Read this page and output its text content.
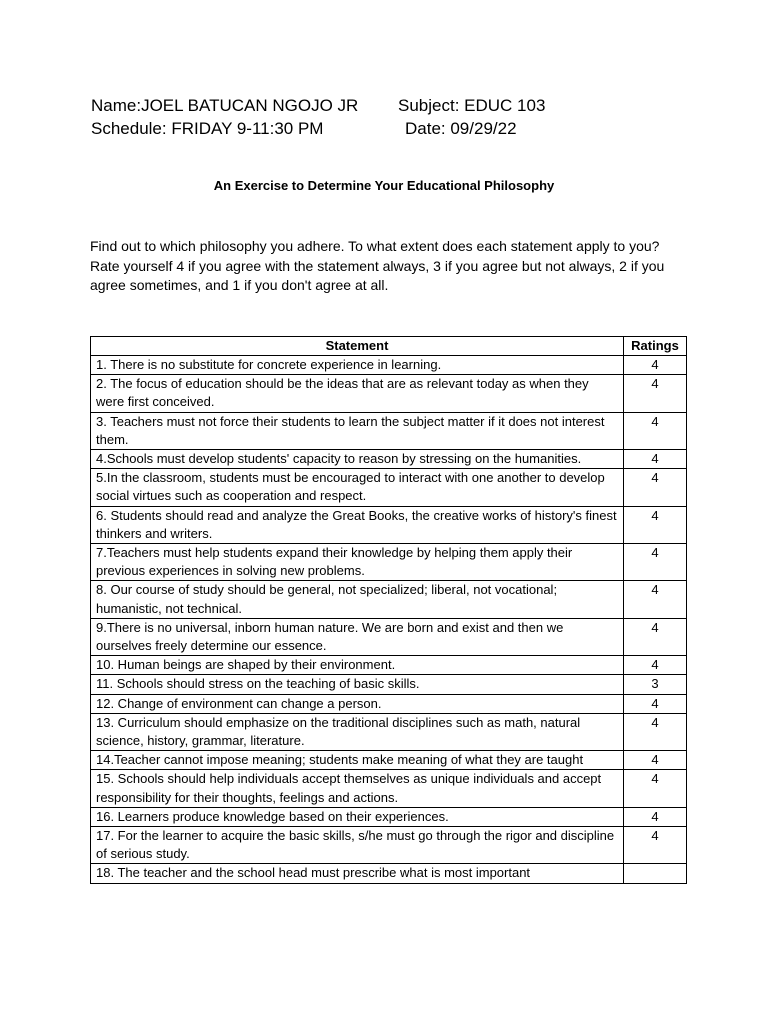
Name:JOEL BATUCAN NGOJO JR Subject: EDUC 103
Schedule: FRIDAY 9-11:30 PM	Date: 09/29/22
An Exercise to Determine Your Educational Philosophy
Find out to which philosophy you adhere. To what extent does each statement apply to you? Rate yourself 4 if you agree with the statement always, 3 if you agree but not always, 2 if you agree sometimes, and 1 if you don't agree at all.
Statement	Ratings
1. There is no substitute for concrete experience in learning.	4
2. The focus of education should be the ideas that are as relevant today as when they were first conceived.	4
3. Teachers must not force their students to learn the subject matter if it does not interest them.	4
4.Schools must develop students' capacity to reason by stressing on the humanities.	4
5.In the classroom, students must be encouraged to interact with one another to develop social virtues such as cooperation and respect.	4
6. Students should read and analyze the Great Books, the creative works of history's finest thinkers and writers.	4
7.Teachers must help students expand their knowledge by helping them apply their previous experiences in solving new problems.	4
8. Our course of study should be general, not specialized; liberal, not vocational; humanistic, not technical.	4
9.There is no universal, inborn human nature. We are born and exist and then we ourselves freely determine our essence.	4
10. Human beings are shaped by their environment.	4
11. Schools should stress on the teaching of basic skills.	3
12. Change of environment can change a person.	4
13. Curriculum should emphasize on the traditional disciplines such as math, natural science, history, grammar, literature.	4
14.Teacher cannot impose meaning; students make meaning of what they are taught	4
15. Schools should help individuals accept themselves as unique individuals and accept responsibility for their thoughts, feelings and actions.	4
16. Learners produce knowledge based on their experiences.	4
17. For the learner to acquire the basic skills, s/he must go through the rigor and discipline of serious study.	4
18. The teacher and the school head must prescribe what is most important	
